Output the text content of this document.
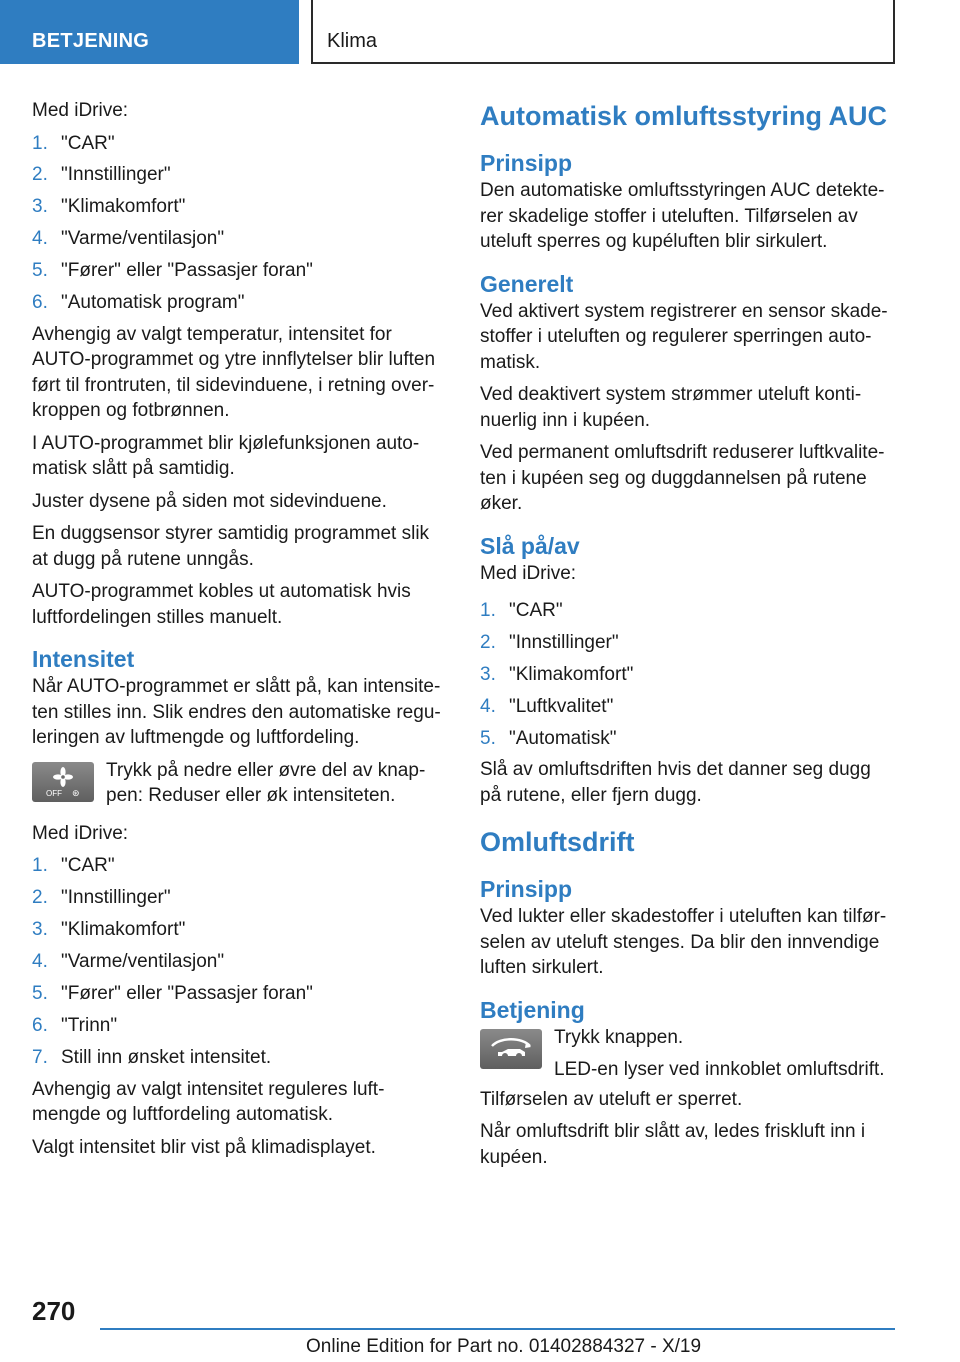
BETJENING	Klima

Med iDrive:

1. "CAR"
2. "Innstillinger"
3. "Klimakomfort"
4. "Varme/ventilasjon"
5. "Fører" eller "Passasjer foran"
6. "Automatisk program"

Avhengig av valgt temperatur, intensitet for AUTO-programmet og ytre innflytelser blir luften ført til frontruten, til sidevinduene, i retning overkroppen og fotbrønnen.

I AUTO-programmet blir kjølefunksjonen automatisk slått på samtidig.

Juster dysene på siden mot sidevinduene.

En duggsensor styrer samtidig programmet slik at dugg på rutene unngås.

AUTO-programmet kobles ut automatisk hvis luftfordelingen stilles manuelt.

Intensitet

Når AUTO-programmet er slått på, kan intensiteten stilles inn. Slik endres den automatiske reguleringen av luftmengde og luftfordeling.

OFF ⊛
Trykk på nedre eller øvre del av knappen: Reduser eller øk intensiteten.

Med iDrive:

1. "CAR"
2. "Innstillinger"
3. "Klimakomfort"
4. "Varme/ventilasjon"
5. "Fører" eller "Passasjer foran"
6. "Trinn"
7. Still inn ønsket intensitet.

Avhengig av valgt intensitet reguleres luftmengde og luftfordeling automatisk.

Valgt intensitet blir vist på klimadisplayet.

Automatisk omluftsstyring AUC
Prinsipp

Den automatiske omluftsstyringen AUC detekterer skadelige stoffer i uteluften. Tilførselen av uteluft sperres og kupéluften blir sirkulert.

Generelt

Ved aktivert system registrerer en sensor skadestoffer i uteluften og regulerer sperringen automatisk.

Ved deaktivert system strømmer uteluft kontinuerlig inn i kupéen.

Ved permanent omluftsdrift reduserer luftkvaliteten i kupéen seg og duggdannelsen på rutene øker.

Slå på/av

Med iDrive:

1. "CAR"
2. "Innstillinger"
3. "Klimakomfort"
4. "Luftkvalitet"
5. "Automatisk"

Slå av omluftsdriften hvis det danner seg dugg på rutene, eller fjern dugg.

Omluftsdrift
Prinsipp

Ved lukter eller skadestoffer i uteluften kan tilførselen av uteluft stenges. Da blir den innvendige luften sirkulert.

Betjening
Trykk knappen.
LED-en lyser ved innkoblet omluftsdrift.

Tilførselen av uteluft er sperret.

Når omluftsdrift blir slått av, ledes friskluft inn i kupéen.

270
Online Edition for Part no. 01402884327 - X/19
